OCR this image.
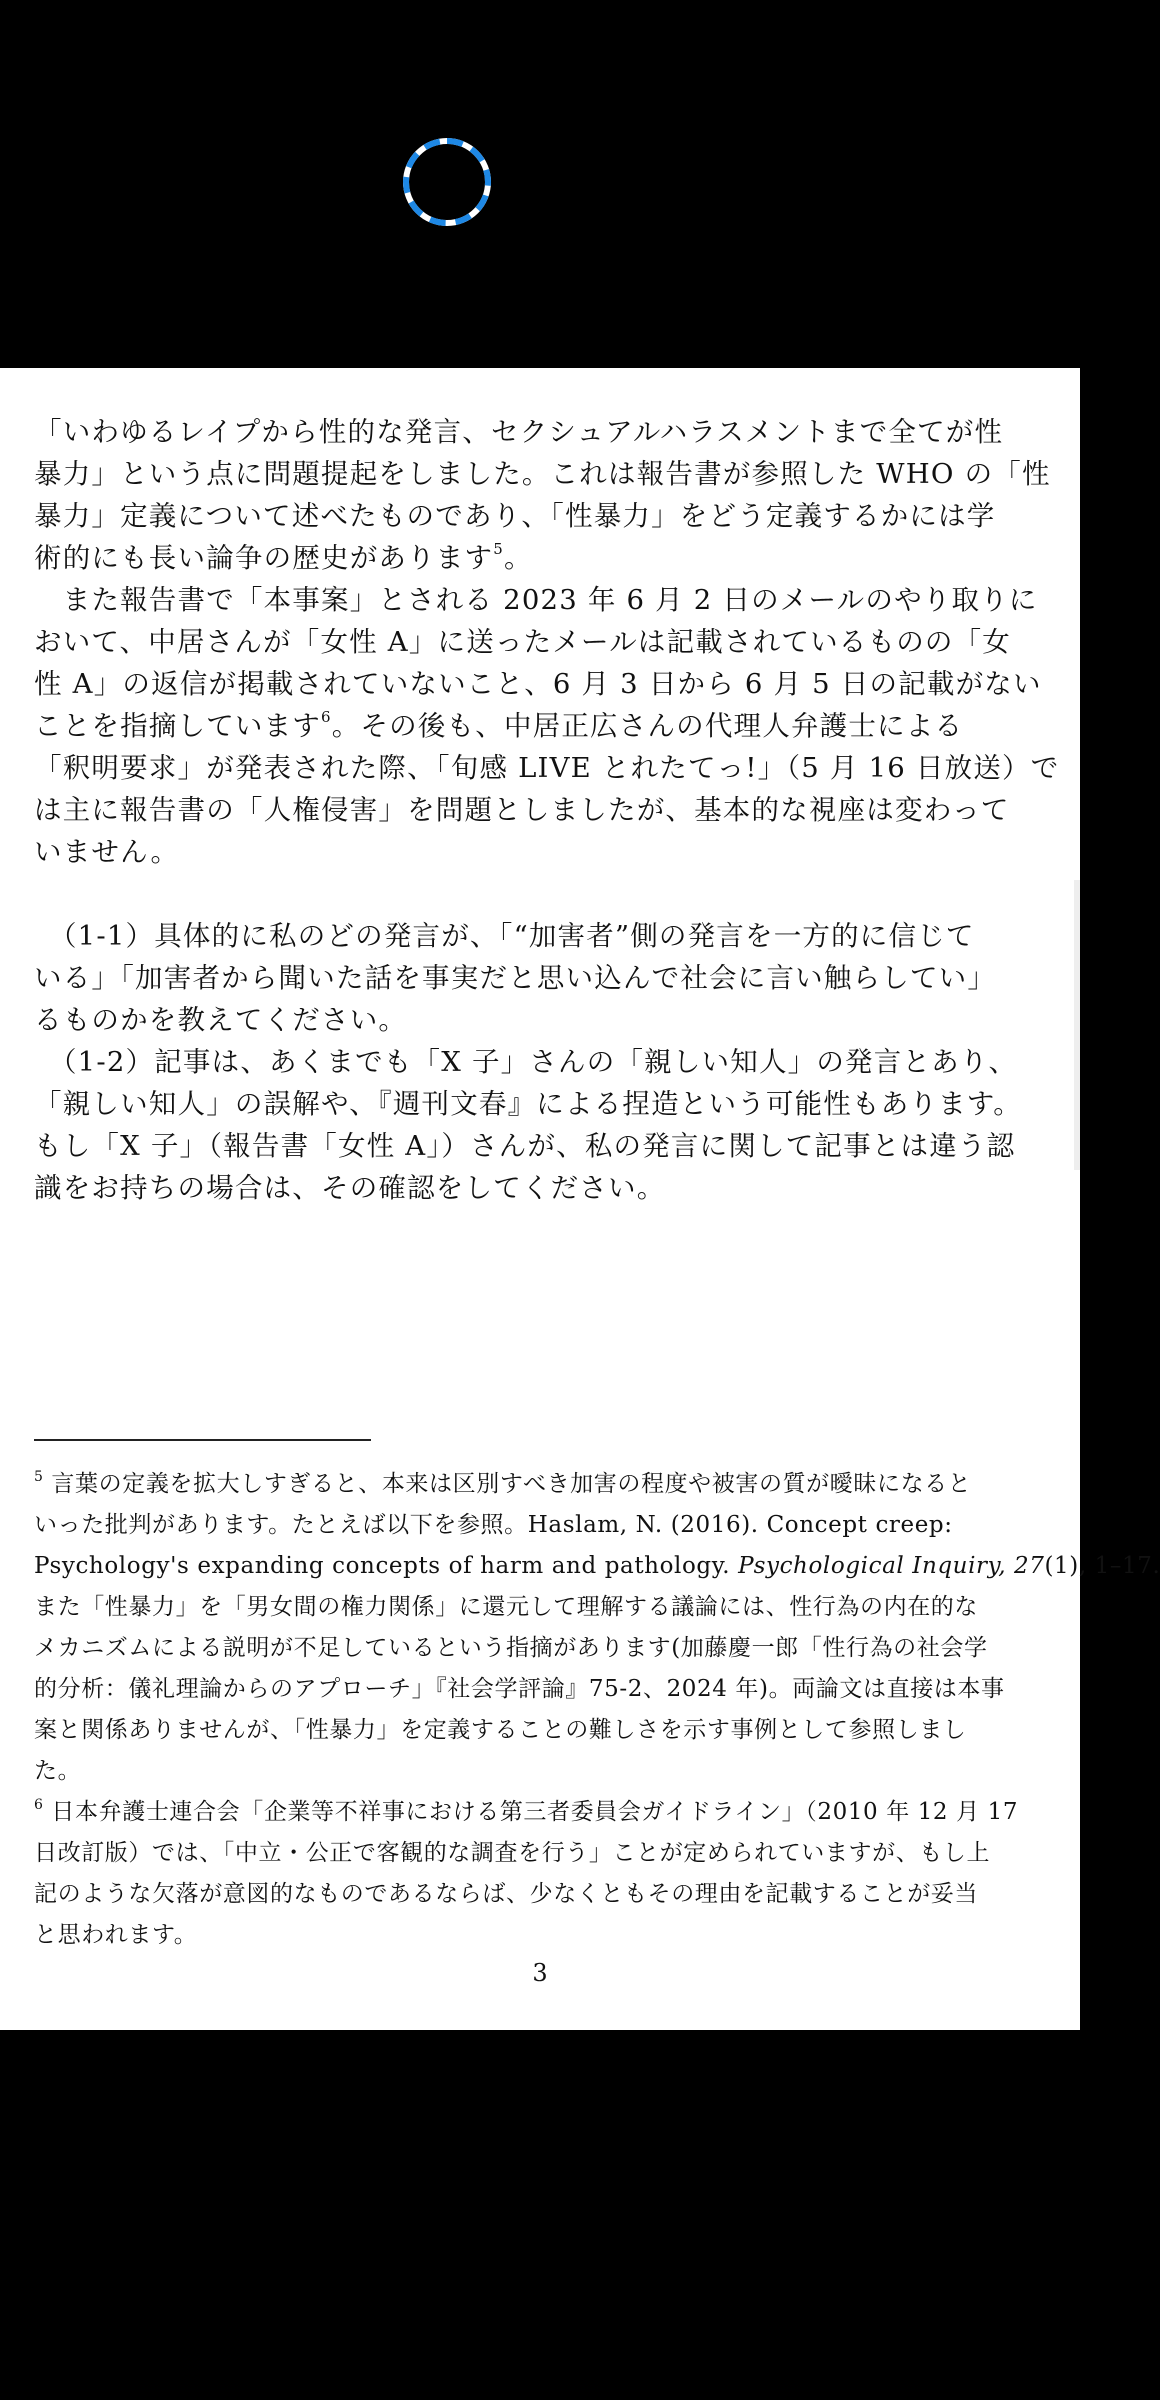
「いわゆるレイプから性的な発言、セクシュアルハラスメントまで全てが性
暴力」という点に問題提起をしました。これは報告書が参照した WHO の「性
暴力」定義について述べたものであり、「性暴力」をどう定義するかには学
術的にも長い論争の歴史があります$^5$。
　また報告書で「本事案」とされる 2023 年 6 月 2 日のメールのやり取りに
おいて、中居さんが「女性 A」に送ったメールは記載されているものの「女
性 A」の返信が掲載されていないこと、6 月 3 日から 6 月 5 日の記載がない
ことを指摘しています$^6$。その後も、中居正広さんの代理人弁護士による
「釈明要求」が発表された際、「旬感 LIVE とれたてっ!」（5 月 16 日放送）で
は主に報告書の「人権侵害」を問題としましたが、基本的な視座は変わって
いません。
　（1-1）具体的に私のどの発言が、「“加害者”側の発言を一方的に信じて
いる」「加害者から聞いた話を事実だと思い込んで社会に言い触らしてい」
るものかを教えてください。
　（1-2）記事は、あくまでも「X 子」さんの「親しい知人」の発言とあり、
「親しい知人」の誤解や、『週刊文春』による捏造という可能性もあります。
もし「X 子」（報告書「女性 A」）さんが、私の発言に関して記事とは違う認
識をお持ちの場合は、その確認をしてください。
$^5$ 言葉の定義を拡大しすぎると、本来は区別すべき加害の程度や被害の質が曖昧になると
いった批判があります。たとえば以下を参照。Haslam, N. (2016). Concept creep:
Psychology's expanding concepts of harm and pathology. Psychological Inquiry, 27(1), 1–17.
また「性暴力」を「男女間の権力関係」に還元して理解する議論には、性行為の内在的な
メカニズムによる説明が不足しているという指摘があります(加藤慶一郎「性行為の社会学
的分析：儀礼理論からのアプローチ」『社会学評論』75-2、2024 年)。両論文は直接は本事
案と関係ありませんが、「性暴力」を定義することの難しさを示す事例として参照しまし
た。
$^6$ 日本弁護士連合会「企業等不祥事における第三者委員会ガイドライン」（2010 年 12 月 17
日改訂版）では、「中立・公正で客観的な調査を行う」ことが定められていますが、もし上
記のような欠落が意図的なものであるならば、少なくともその理由を記載することが妥当
と思われます。
3
